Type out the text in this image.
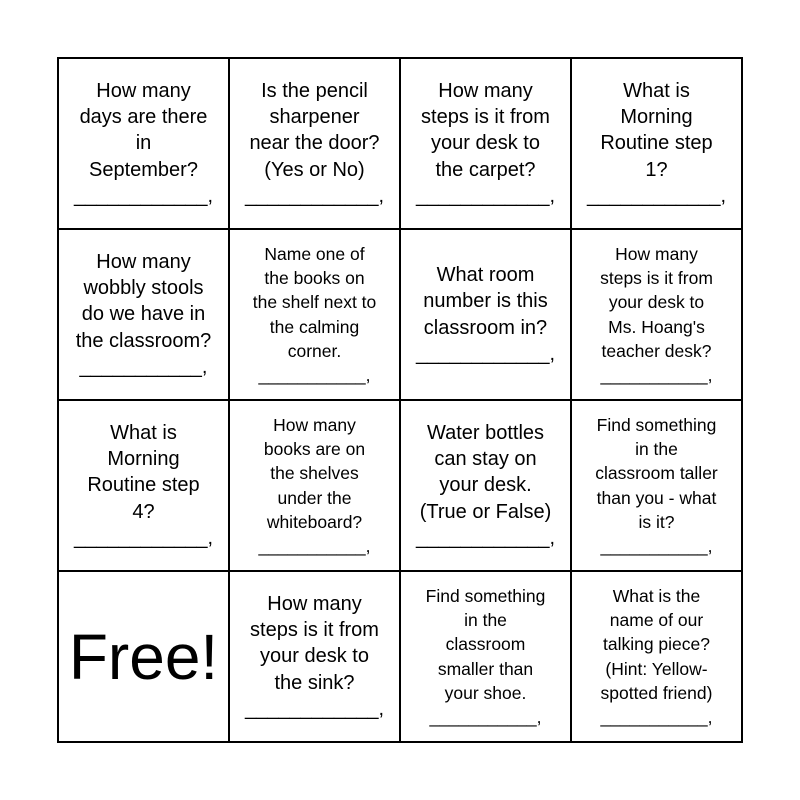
How many
days are there
in
September?
____________,
Is the pencil
sharpener
near the door?
(Yes or No)
____________,
How many
steps is it from
your desk to
the carpet?
____________,
What is
Morning
Routine step
1?
____________,
How many
wobbly stools
do we have in
the classroom?
___________,
Name one of
the books on
the shelf next to
the calming
corner.
___________,
What room
number is this
classroom in?
____________,
How many
steps is it from
your desk to
Ms. Hoang's
teacher desk?
___________,
What is
Morning
Routine step
4?
____________,
How many
books are on
the shelves
under the
whiteboard?
___________,
Water bottles
can stay on
your desk.
(True or False)
____________,
Find something
in the
classroom taller
than you - what
is it?
___________,
Free!
How many
steps is it from
your desk to
the sink?
____________,
Find something
in the
classroom
smaller than
your shoe.
___________,
What is the
name of our
talking piece?
(Hint: Yellow-
spotted friend)
___________,
